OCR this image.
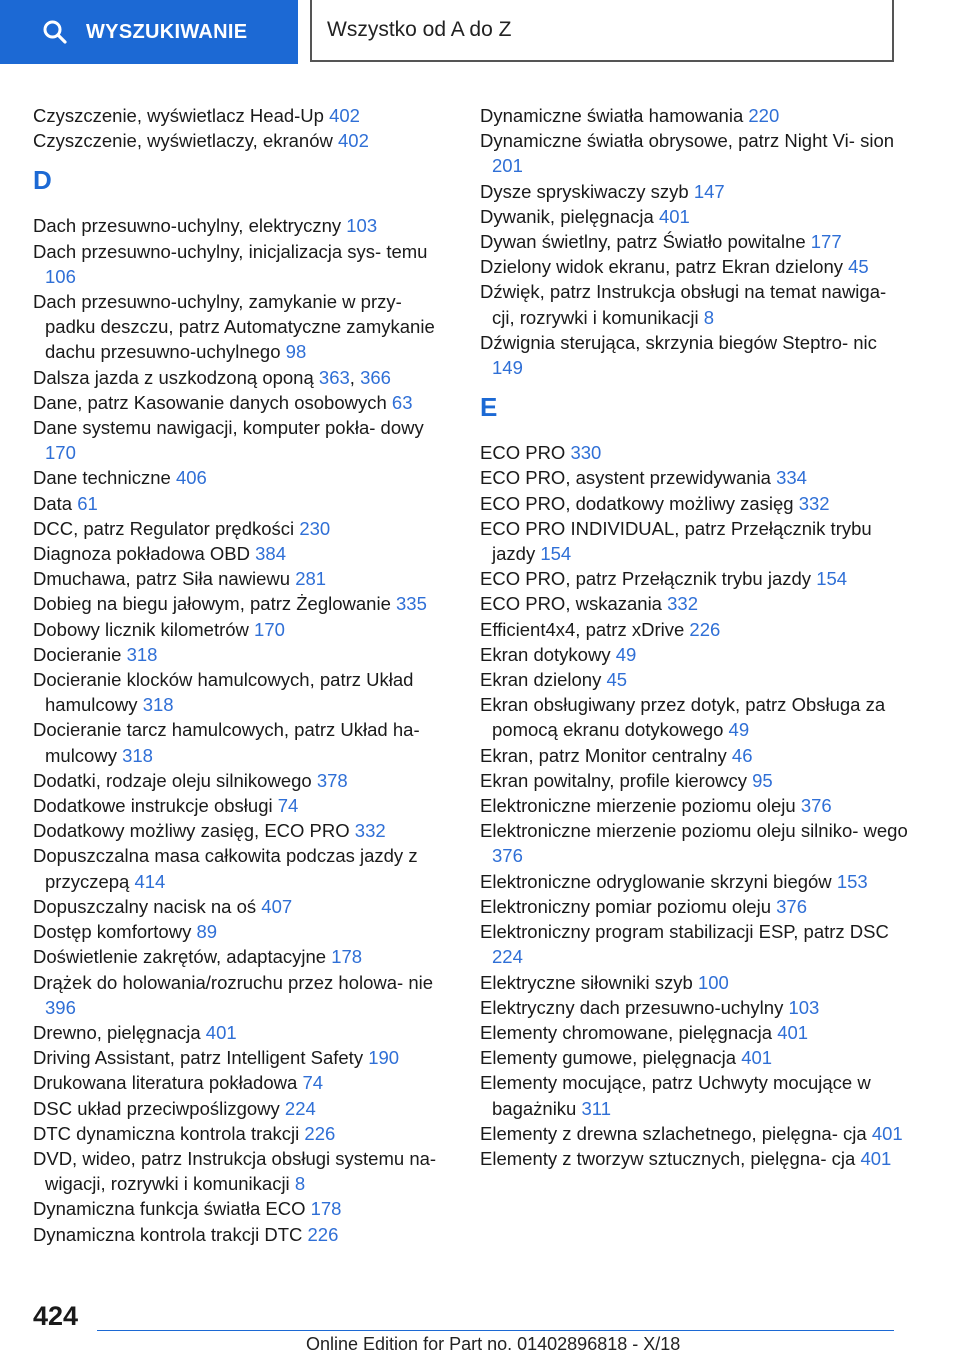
WYSZUKIWANIE	Wszystko od A do Z
Czyszczenie, wyświetlacz Head-Up 402
Czyszczenie, wyświetlaczy, ekranów 402
D
Dach przesuwno-uchylny, elektryczny 103
Dach przesuwno-uchylny, inicjalizacja sys‐ temu 106
Dach przesuwno-uchylny, zamykanie w przy‐ padku deszczu, patrz Automatyczne zamykanie dachu przesuwno-uchylnego 98
Dalsza jazda z uszkodzoną oponą 363, 366
Dane, patrz Kasowanie danych osobowych 63
Dane systemu nawigacji, komputer pokła‐ dowy 170
Dane techniczne 406
Data 61
DCC, patrz Regulator prędkości 230
Diagnoza pokładowa OBD 384
Dmuchawa, patrz Siła nawiewu 281
Dobieg na biegu jałowym, patrz Żeglowanie 335
Dobowy licznik kilometrów 170
Docieranie 318
Docieranie klocków hamulcowych, patrz Układ hamulcowy 318
Docieranie tarcz hamulcowych, patrz Układ ha‐ mulcowy 318
Dodatki, rodzaje oleju silnikowego 378
Dodatkowe instrukcje obsługi 74
Dodatkowy możliwy zasięg, ECO PRO 332
Dopuszczalna masa całkowita podczas jazdy z przyczepą 414
Dopuszczalny nacisk na oś 407
Dostęp komfortowy 89
Doświetlenie zakrętów, adaptacyjne 178
Drążek do holowania/rozruchu przez holowa‐ nie 396
Drewno, pielęgnacja 401
Driving Assistant, patrz Intelligent Safety 190
Drukowana literatura pokładowa 74
DSC układ przeciwpoślizgowy 224
DTC dynamiczna kontrola trakcji 226
DVD, wideo, patrz Instrukcja obsługi systemu na‐ wigacji, rozrywki i komunikacji 8
Dynamiczna funkcja światła ECO 178
Dynamiczna kontrola trakcji DTC 226
Dynamiczne światła hamowania 220
Dynamiczne światła obrysowe, patrz Night Vi‐ sion 201
Dysze spryskiwaczy szyb 147
Dywanik, pielęgnacja 401
Dywan świetlny, patrz Światło powitalne 177
Dzielony widok ekranu, patrz Ekran dzielony 45
Dźwięk, patrz Instrukcja obsługi na temat nawiga‐ cji, rozrywki i komunikacji 8
Dźwignia sterująca, skrzynia biegów Steptro‐ nic 149
E
ECO PRO 330
ECO PRO, asystent przewidywania 334
ECO PRO, dodatkowy możliwy zasięg 332
ECO PRO INDIVIDUAL, patrz Przełącznik trybu jazdy 154
ECO PRO, patrz Przełącznik trybu jazdy 154
ECO PRO, wskazania 332
Efficient4x4, patrz xDrive 226
Ekran dotykowy 49
Ekran dzielony 45
Ekran obsługiwany przez dotyk, patrz Obsługa za pomocą ekranu dotykowego 49
Ekran, patrz Monitor centralny 46
Ekran powitalny, profile kierowcy 95
Elektroniczne mierzenie poziomu oleju 376
Elektroniczne mierzenie poziomu oleju silniko‐ wego 376
Elektroniczne odryglowanie skrzyni biegów 153
Elektroniczny pomiar poziomu oleju 376
Elektroniczny program stabilizacji ESP, patrz DSC 224
Elektryczne siłowniki szyb 100
Elektryczny dach przesuwno-uchylny 103
Elementy chromowane, pielęgnacja 401
Elementy gumowe, pielęgnacja 401
Elementy mocujące, patrz Uchwyty mocujące w bagażniku 311
Elementy z drewna szlachetnego, pielęgna‐ cja 401
Elementy z tworzyw sztucznych, pielęgna‐ cja 401
424
Online Edition for Part no. 01402896818 - X/18
